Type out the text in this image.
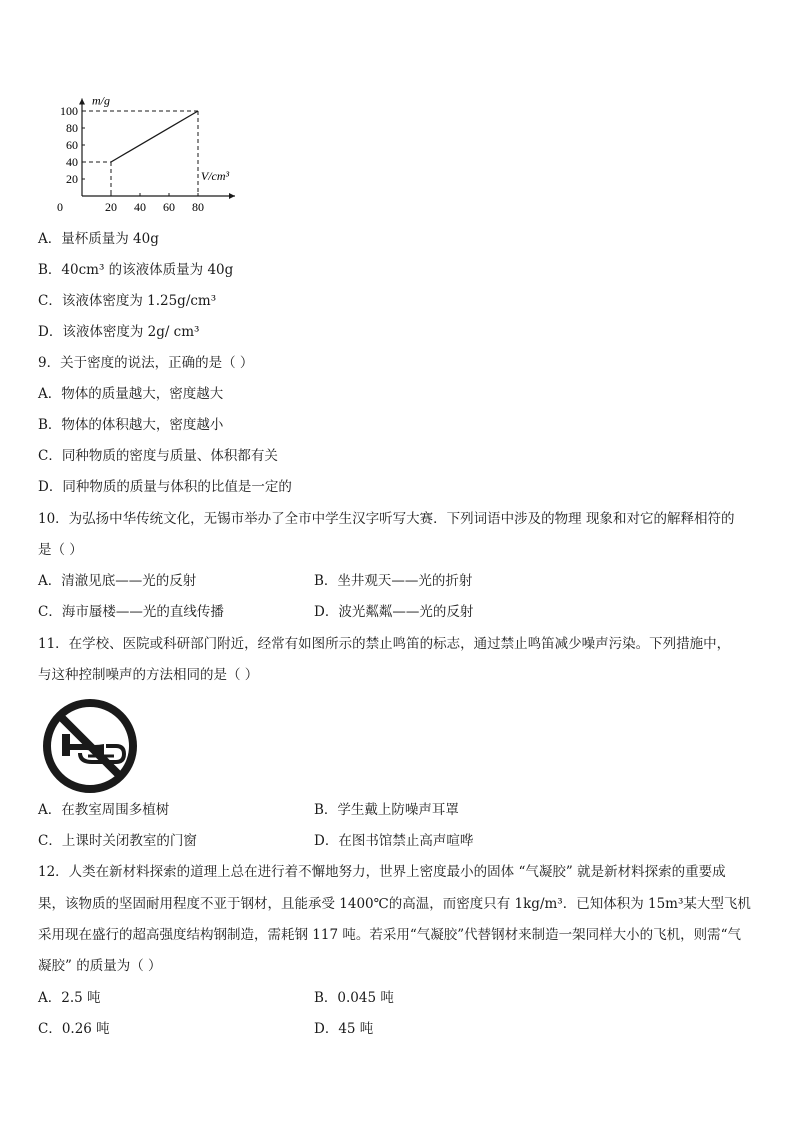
m/g
V/cm³
0	20 40 60 80
20
40
60
80
100
A．量杯质量为 40g
B．40cm³ 的该液体质量为 40g
C．该液体密度为 1.25g/cm³
D．该液体密度为 2g/ cm³
9．关于密度的说法，正确的是（ ）
A．物体的质量越大，密度越大
B．物体的体积越大，密度越小
C．同种物质的密度与质量、体积都有关
D．同种物质的质量与体积的比值是一定的
10．为弘扬中华传统文化，无锡市举办了全市中学生汉字听写大赛．下列词语中涉及的物理 现象和对它的解释相符的
是（ ）
A．清澈见底——光的反射	B．坐井观天——光的折射
C．海市蜃楼——光的直线传播	D．波光粼粼——光的反射
11．在学校、医院或科研部门附近，经常有如图所示的禁止鸣笛的标志，通过禁止鸣笛减少噪声污染。下列措施中，
与这种控制噪声的方法相同的是（ ）
A．在教室周围多植树	B．学生戴上防噪声耳罩
C．上课时关闭教室的门窗	D．在图书馆禁止高声喧哗
12．人类在新材料探索的道理上总在进行着不懈地努力，世界上密度最小的固体 “气凝胶” 就是新材料探索的重要成
果，该物质的坚固耐用程度不亚于钢材，且能承受 1400℃的高温，而密度只有 1kg/m³．已知体积为 15m³某大型飞机
采用现在盛行的超高强度结构钢制造，需耗钢 117 吨。若采用“气凝胶”代替钢材来制造一架同样大小的飞机，则需“气
凝胶” 的质量为（ ）
A．2.5 吨	B．0.045 吨
C．0.26 吨	D．45 吨
